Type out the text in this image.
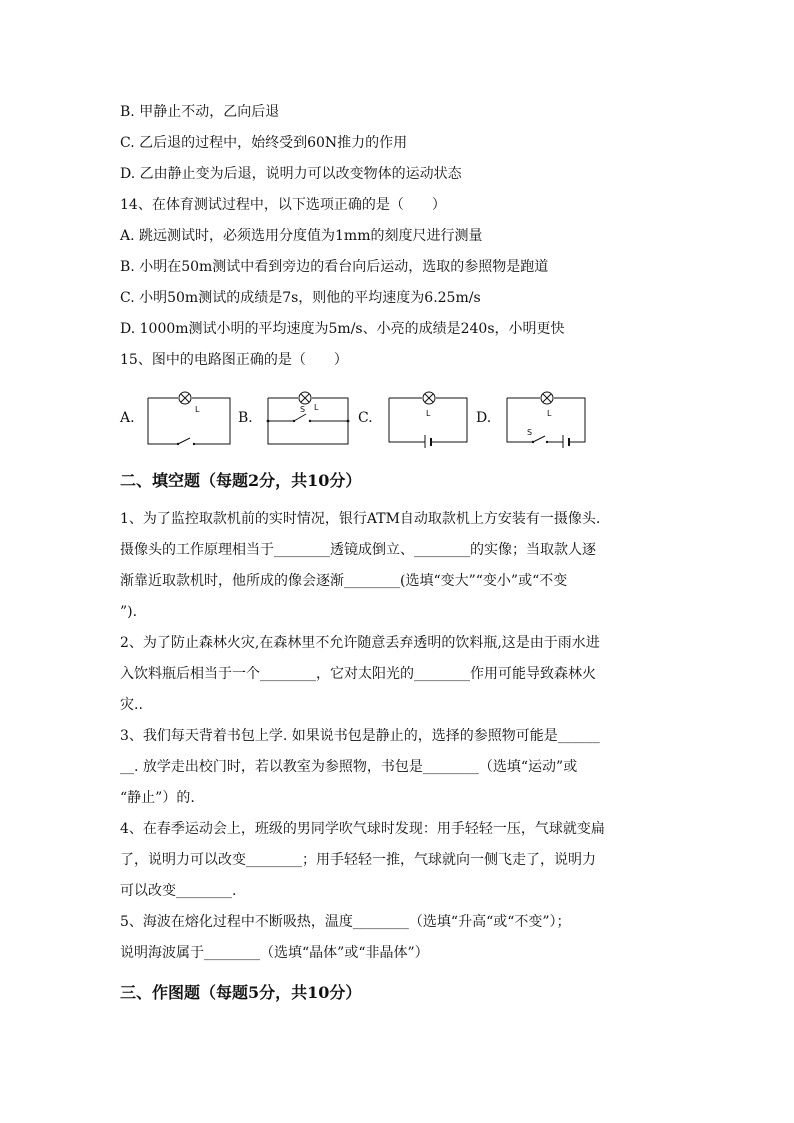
B. 甲静止不动，乙向后退
C. 乙后退的过程中，始终受到60N推力的作用
D. 乙由静止变为后退，说明力可以改变物体的运动状态
14、在体育测试过程中，以下选项正确的是（　　）
A. 跳远测试时，必须选用分度值为1mm的刻度尺进行测量
B. 小明在50m测试中看到旁边的看台向后运动，选取的参照物是跑道
C. 小明50m测试的成绩是7s，则他的平均速度为6.25m/s
D. 1000m测试小明的平均速度为5m/s、小亮的成绩是240s，小明更快
15、图中的电路图正确的是（　　）
A.
L
B.
S L
C.	L	D.
S
L
二、填空题（每题2分，共10分）
1、为了监控取款机前的实时情况，银行ATM自动取款机上方安装有一摄像头.
摄像头的工作原理相当于________透镜成倒立、________的实像；当取款人逐
渐靠近取款机时，他所成的像会逐渐________(选填“变大”“变小”或“不变
”).
2、为了防止森林火灾,在森林里不允许随意丢弃透明的饮料瓶,这是由于雨水进
入饮料瓶后相当于一个________，它对太阳光的________作用可能导致森林火
灾..
3、我们每天背着书包上学. 如果说书包是静止的，选择的参照物可能是______
__. 放学走出校门时，若以教室为参照物，书包是________（选填“运动”或
“静止”）的.
4、在春季运动会上，班级的男同学吹气球时发现：用手轻轻一压，气球就变扁
了，说明力可以改变________；用手轻轻一推，气球就向一侧飞走了，说明力
可以改变________.
5、海波在熔化过程中不断吸热，温度________（选填“升高“或“不变”）；
说明海波属于________（选填“晶体”或“非晶体”）
三、作图题（每题5分，共10分）
